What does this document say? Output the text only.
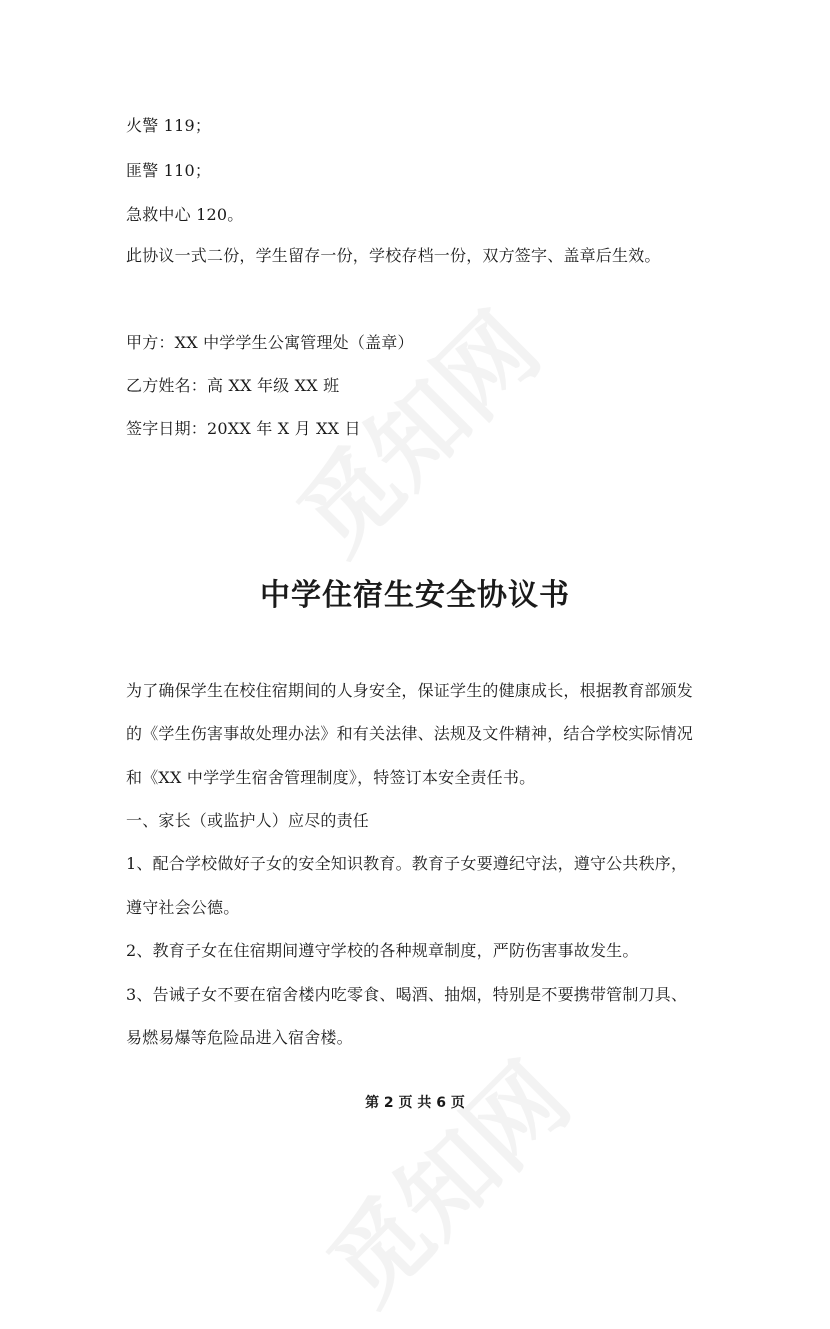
火警 119；
匪警 110；
急救中心 120。
此协议一式二份，学生留存一份，学校存档一份，双方签字、盖章后生效。
甲方：XX 中学学生公寓管理处（盖章）
乙方姓名：高 XX 年级 XX 班
签字日期：20XX 年 X 月 XX 日
中学住宿生安全协议书
为了确保学生在校住宿期间的人身安全，保证学生的健康成长，根据教育部颁发
的《学生伤害事故处理办法》和有关法律、法规及文件精神，结合学校实际情况
和《XX 中学学生宿舍管理制度》，特签订本安全责任书。
一、家长（或监护人）应尽的责任
1、配合学校做好子女的安全知识教育。教育子女要遵纪守法，遵守公共秩序，
遵守社会公德。
2、教育子女在住宿期间遵守学校的各种规章制度，严防伤害事故发生。
3、告诫子女不要在宿舍楼内吃零食、喝酒、抽烟，特别是不要携带管制刀具、
易燃易爆等危险品进入宿舍楼。
第 2 页 共 6 页
